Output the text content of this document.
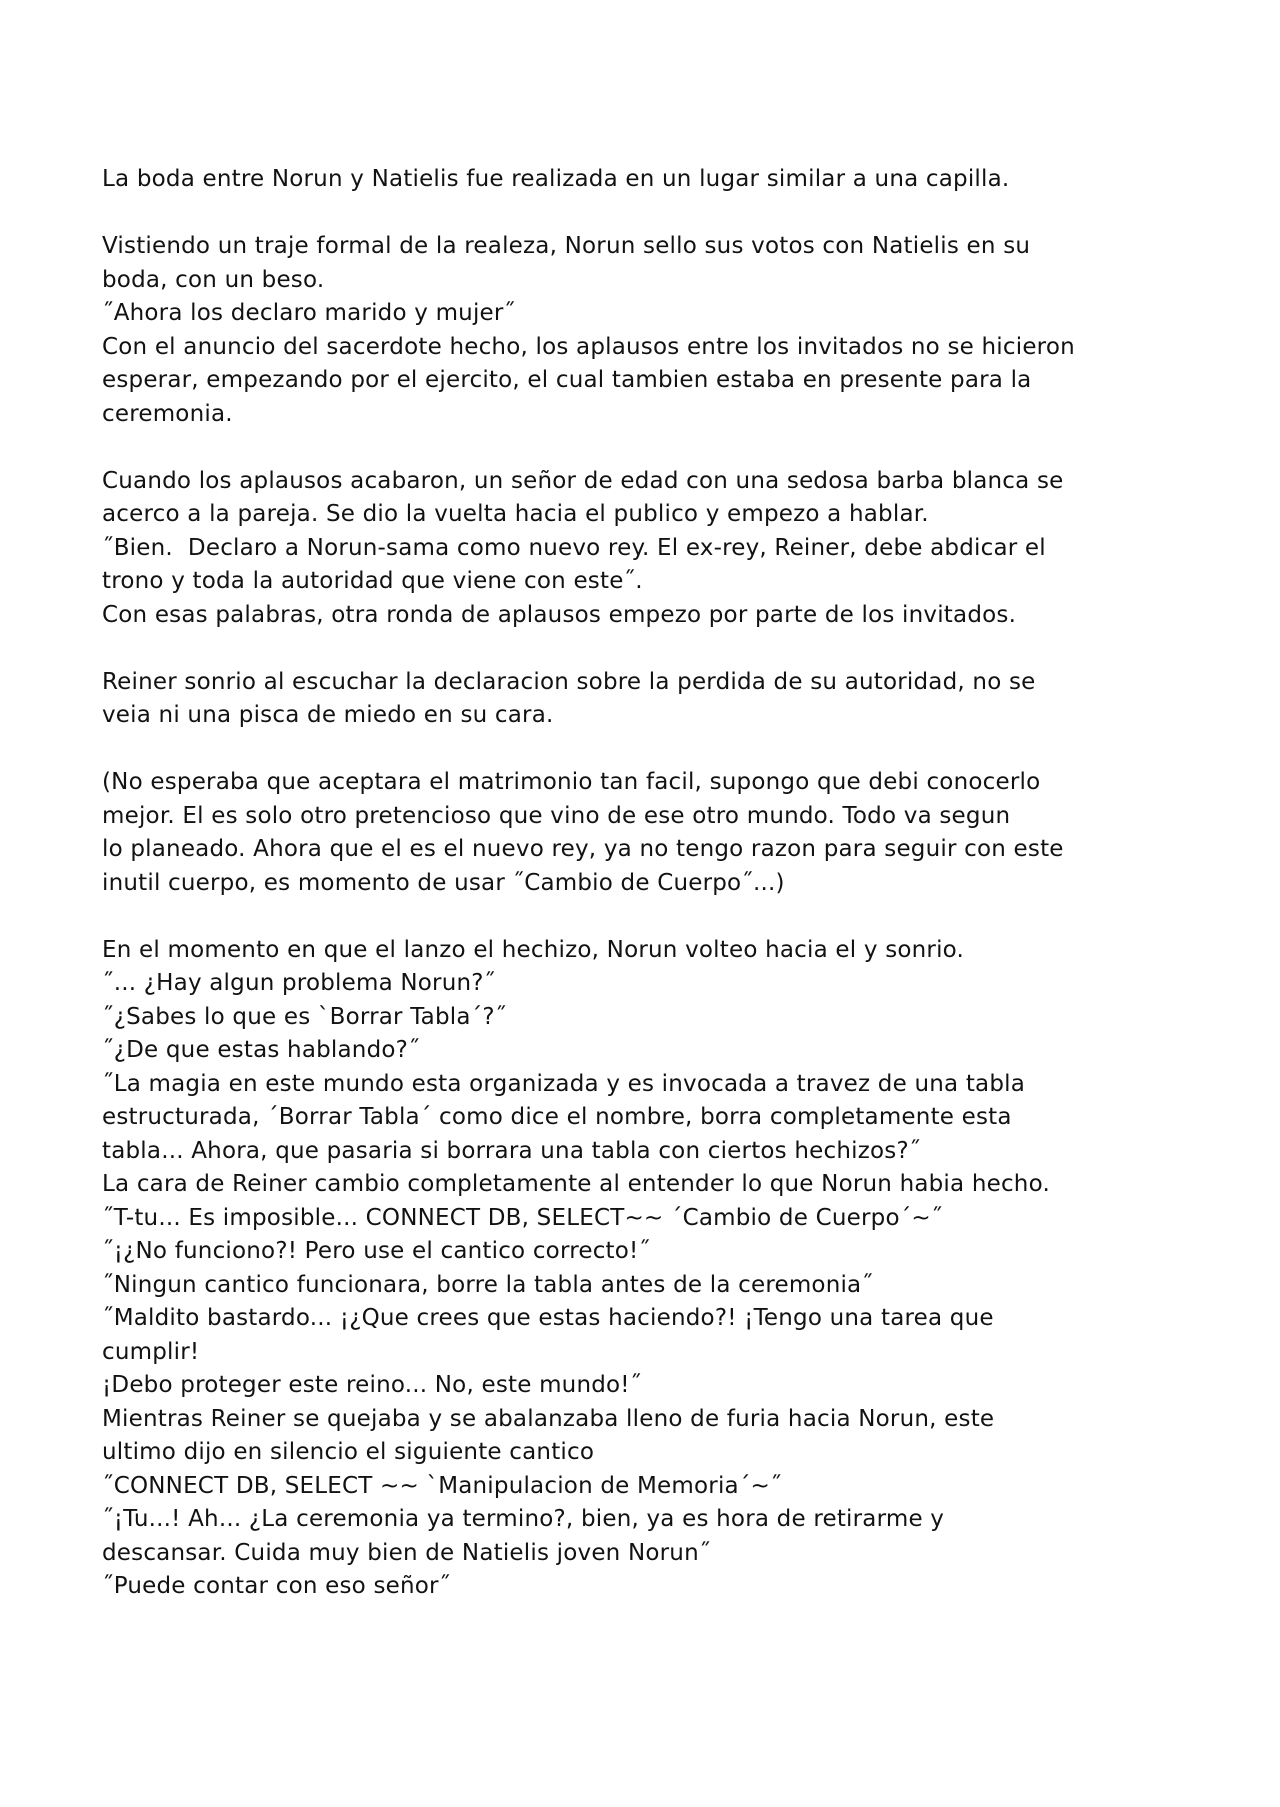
La boda entre Norun y Natielis fue realizada en un lugar similar a una capilla.

Vistiendo un traje formal de la realeza, Norun sello sus votos con Natielis en su
boda, con un beso.
˝Ahora los declaro marido y mujer˝
Con el anuncio del sacerdote hecho, los aplausos entre los invitados no se hicieron
esperar, empezando por el ejercito, el cual tambien estaba en presente para la
ceremonia.

Cuando los aplausos acabaron, un señor de edad con una sedosa barba blanca se
acerco a la pareja. Se dio la vuelta hacia el publico y empezo a hablar.
˝Bien.  Declaro a Norun-sama como nuevo rey. El ex-rey, Reiner, debe abdicar el
trono y toda la autoridad que viene con este˝.
Con esas palabras, otra ronda de aplausos empezo por parte de los invitados.

Reiner sonrio al escuchar la declaracion sobre la perdida de su autoridad, no se
veia ni una pisca de miedo en su cara.

(No esperaba que aceptara el matrimonio tan facil, supongo que debi conocerlo
mejor. El es solo otro pretencioso que vino de ese otro mundo. Todo va segun
lo planeado. Ahora que el es el nuevo rey, ya no tengo razon para seguir con este
inutil cuerpo, es momento de usar ˝Cambio de Cuerpo˝...)

En el momento en que el lanzo el hechizo, Norun volteo hacia el y sonrio.
˝... ¿Hay algun problema Norun?˝
˝¿Sabes lo que es `Borrar Tabla´?˝
˝¿De que estas hablando?˝
˝La magia en este mundo esta organizada y es invocada a travez de una tabla
estructurada, ´Borrar Tabla´ como dice el nombre, borra completamente esta
tabla... Ahora, que pasaria si borrara una tabla con ciertos hechizos?˝
La cara de Reiner cambio completamente al entender lo que Norun habia hecho.
˝T-tu... Es imposible... CONNECT DB, SELECT~~ ´Cambio de Cuerpo´~˝
˝¡¿No funciono?! Pero use el cantico correcto!˝
˝Ningun cantico funcionara, borre la tabla antes de la ceremonia˝
˝Maldito bastardo... ¡¿Que crees que estas haciendo?! ¡Tengo una tarea que
cumplir!
¡Debo proteger este reino... No, este mundo!˝
Mientras Reiner se quejaba y se abalanzaba lleno de furia hacia Norun, este
ultimo dijo en silencio el siguiente cantico
˝CONNECT DB, SELECT ~~ `Manipulacion de Memoria´~˝
˝¡Tu...! Ah... ¿La ceremonia ya termino?, bien, ya es hora de retirarme y
descansar. Cuida muy bien de Natielis joven Norun˝
˝Puede contar con eso señor˝
